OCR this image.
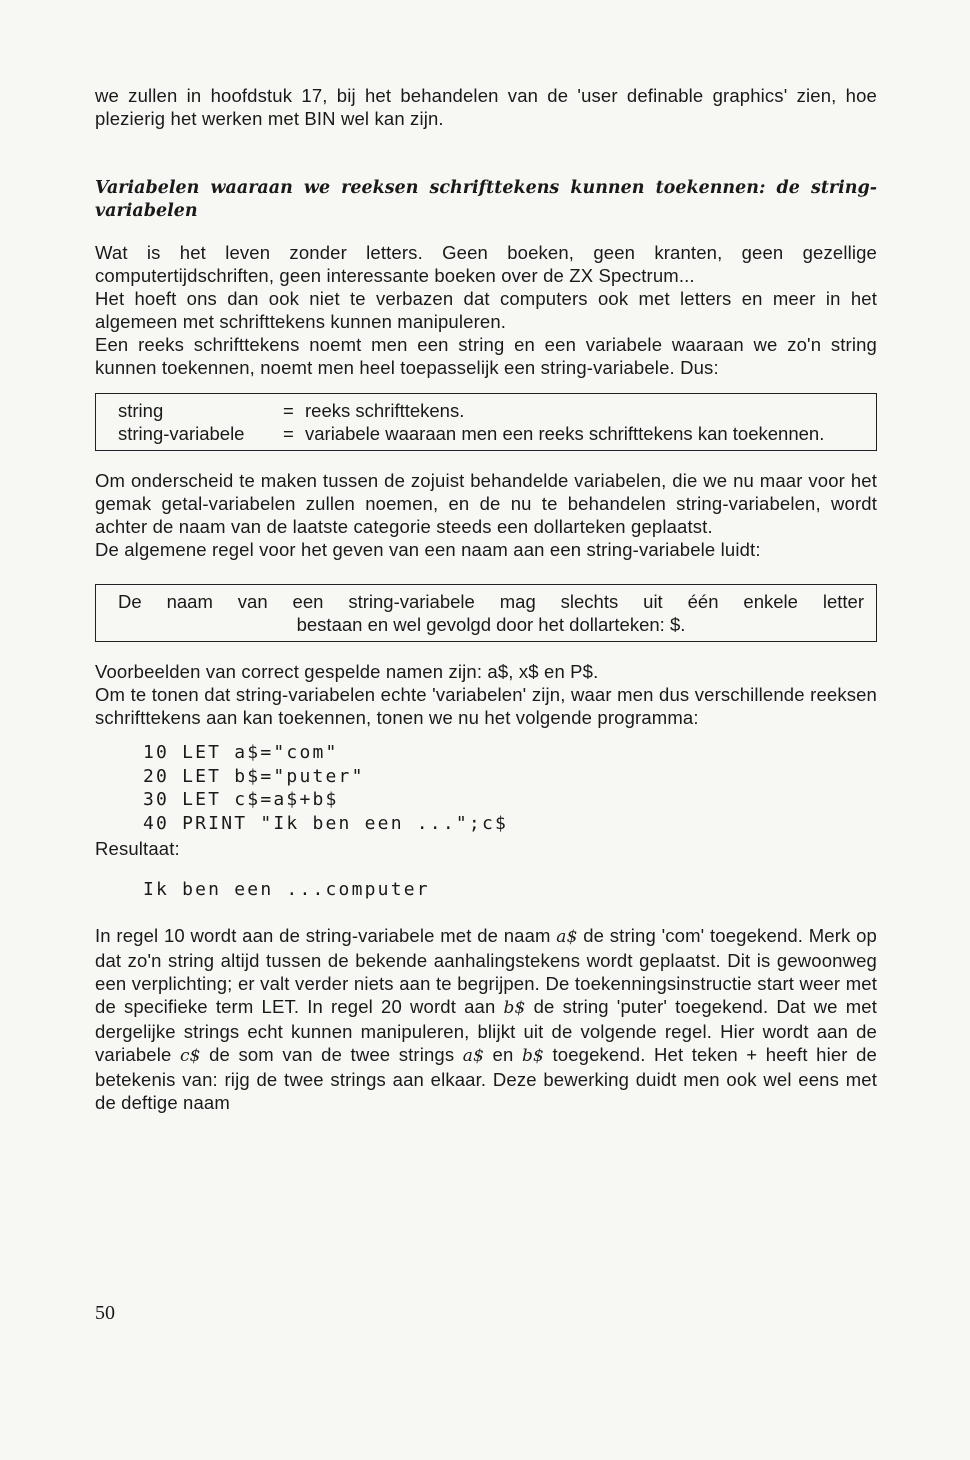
we zullen in hoofdstuk 17, bij het behandelen van de 'user definable graphics' zien, hoe plezierig het werken met BIN wel kan zijn.

Variabelen waaraan we reeksen schrifttekens kunnen toekennen: de string-variabelen

Wat is het leven zonder letters. Geen boeken, geen kranten, geen gezellige computertijdschriften, geen interessante boeken over de ZX Spectrum...

Het hoeft ons dan ook niet te verbazen dat computers ook met letters en meer in het algemeen met schrifttekens kunnen manipuleren.

Een reeks schrifttekens noemt men een string en een variabele waaraan we zo'n string kunnen toekennen, noemt men heel toepasselijk een string-variabele. Dus:

string	= reeks schrifttekens.
string-variabele	= variabele waaraan men een reeks schrifttekens kan toekennen.

Om onderscheid te maken tussen de zojuist behandelde variabelen, die we nu maar voor het gemak getal-variabelen zullen noemen, en de nu te behandelen string-variabelen, wordt achter de naam van de laatste categorie steeds een dollarteken geplaatst.

De algemene regel voor het geven van een naam aan een string-variabele luidt:

De naam van een string-variabele mag slechts uit één enkele letter
bestaan en wel gevolgd door het dollarteken: $.

Voorbeelden van correct gespelde namen zijn: a$, x$ en P$.

Om te tonen dat string-variabelen echte 'variabelen' zijn, waar men dus verschillende reeksen schrifttekens aan kan toekennen, tonen we nu het volgende programma:

10 LET a$="com"
20 LET b$="puter"
30 LET c$=a$+b$
40 PRINT "Ik ben een ...";c$

Resultaat:

Ik ben een ...computer

In regel 10 wordt aan de string-variabele met de naam a$ de string 'com' toegekend. Merk op dat zo'n string altijd tussen de bekende aanhalingstekens wordt geplaatst. Dit is gewoonweg een verplichting; er valt verder niets aan te begrijpen. De toekenningsinstructie start weer met de specifieke term LET. In regel 20 wordt aan b$ de string 'puter' toegekend. Dat we met dergelijke strings echt kunnen manipuleren, blijkt uit de volgende regel. Hier wordt aan de variabele c$ de som van de twee strings a$ en b$ toegekend. Het teken + heeft hier de betekenis van: rijg de twee strings aan elkaar. Deze bewerking duidt men ook wel eens met de deftige naam

50
